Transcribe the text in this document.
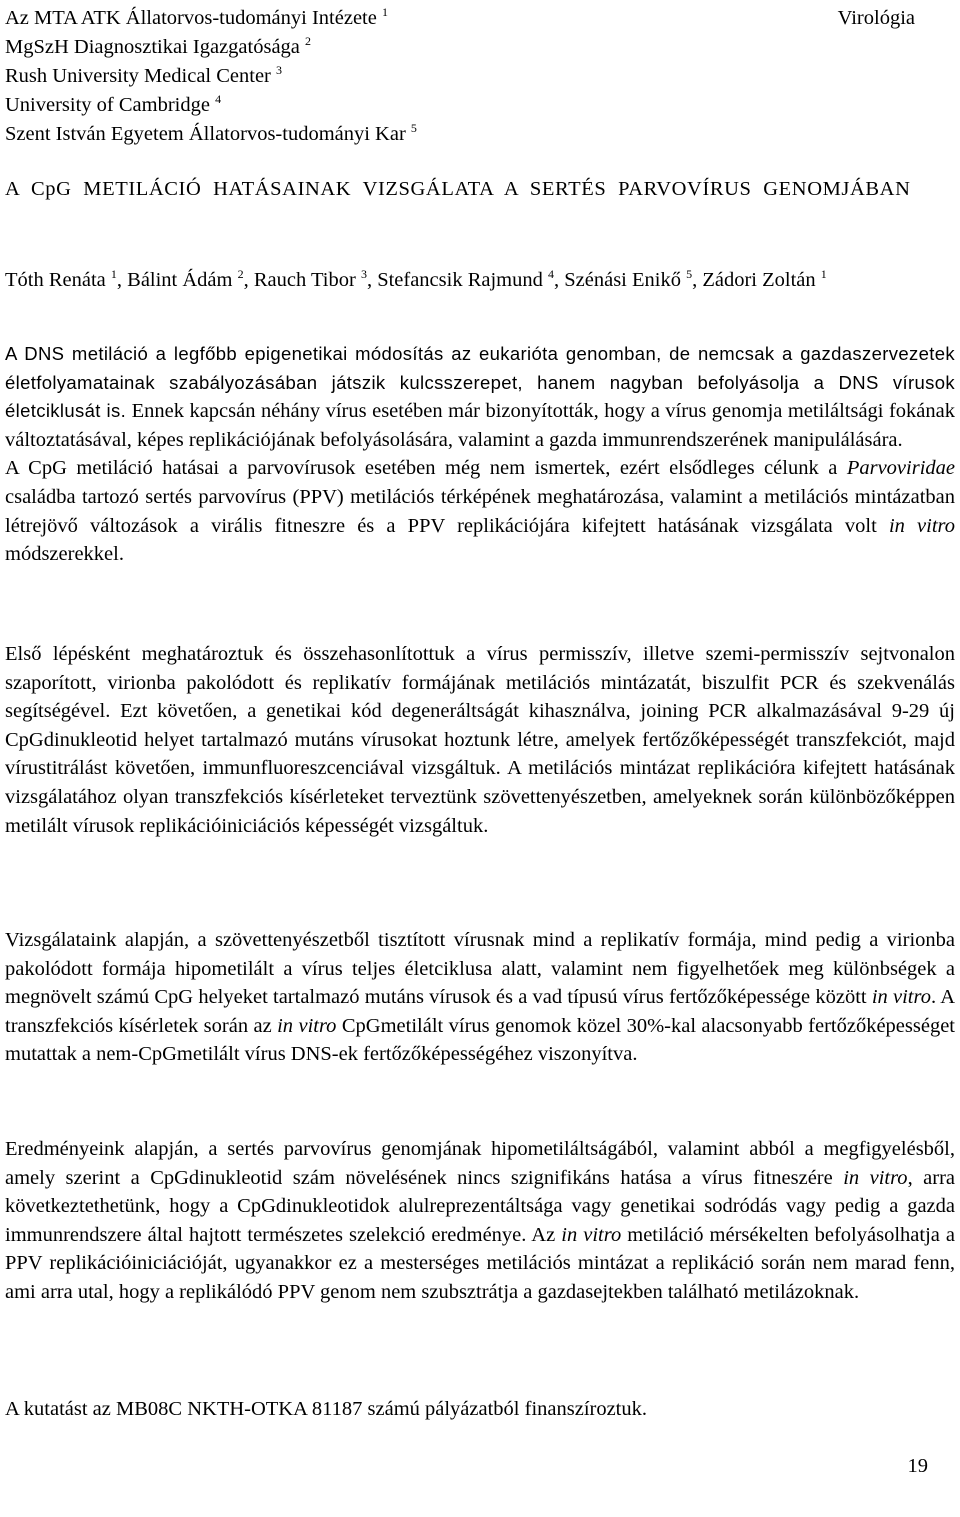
Az MTA ATK Állatorvos-tudományi Intézete $^1$
MgSzH Diagnosztikai Igazgatósága $^2$
Rush University Medical Center $^3$
University of Cambridge $^4$
Szent István Egyetem Állatorvos-tudományi Kar $^5$
Virológia
A CpG METILÁCIÓ HATÁSAINAK VIZSGÁLATA A SERTÉS PARVOVÍRUS GENOMJÁBAN
Tóth Renáta $^1$, Bálint Ádám $^2$, Rauch Tibor $^3$, Stefancsik Rajmund $^4$, Szénási Enikő $^5$, Zádori Zoltán $^1$

A DNS metiláció a legfőbb epigenetikai módosítás az eukarióta genomban, de nemcsak a gazdaszervezetek életfolyamatainak szabályozásában játszik kulcsszerepet, hanem nagyban befolyásolja a DNS vírusok életciklusát is. Ennek kapcsán néhány vírus esetében már bizonyították, hogy a vírus genomja metiláltsági fokának változtatásával, képes replikációjának befolyásolására, valamint a gazda immunrendszerének manipulálására.

A CpG metiláció hatásai a parvovírusok esetében még nem ismertek, ezért elsődleges célunk a Parvoviridae családba tartozó sertés parvovírus (PPV) metilációs térképének meghatározása, valamint a metilációs mintázatban létrejövő változások a virális fitneszre és a PPV replikációjára kifejtett hatásának vizsgálata volt in vitro módszerekkel.

Első lépésként meghatároztuk és összehasonlítottuk a vírus permisszív, illetve szemi-permisszív sejtvonalon szaporított, virionba pakolódott és replikatív formájának metilációs mintázatát, biszulfit PCR és szekvenálás segítségével. Ezt követően, a genetikai kód degeneráltságát kihasználva, joining PCR alkalmazásával 9-29 új CpGdinukleotid helyet tartalmazó mutáns vírusokat hoztunk létre, amelyek fertőzőképességét transzfekciót, majd vírustitrálást követően, immunfluoreszcenciával vizsgáltuk. A metilációs mintázat replikációra kifejtett hatásának vizsgálatához olyan transzfekciós kísérleteket terveztünk szövettenyészetben, amelyeknek során különbözőképpen metilált vírusok replikációiniciációs képességét vizsgáltuk.

Vizsgálataink alapján, a szövettenyészetből tisztított vírusnak mind a replikatív formája, mind pedig a virionba pakolódott formája hipometilált a vírus teljes életciklusa alatt, valamint nem figyelhetőek meg különbségek a megnövelt számú CpG helyeket tartalmazó mutáns vírusok és a vad típusú vírus fertőzőképessége között in vitro. A transzfekciós kísérletek során az in vitro CpGmetilált vírus genomok közel 30%-kal alacsonyabb fertőzőképességet mutattak a nem-CpGmetilált vírus DNS-ek fertőzőképességéhez viszonyítva.

Eredményeink alapján, a sertés parvovírus genomjának hipometiláltságából, valamint abból a megfigyelésből, amely szerint a CpGdinukleotid szám növelésének nincs szignifikáns hatása a vírus fitneszére in vitro, arra következtethetünk, hogy a CpGdinukleotidok alulreprezentáltsága vagy genetikai sodródás vagy pedig a gazda immunrendszere által hajtott természetes szelekció eredménye. Az in vitro metiláció mérsékelten befolyásolhatja a PPV replikációiniciációját, ugyanakkor ez a mesterséges metilációs mintázat a replikáció során nem marad fenn, ami arra utal, hogy a replikálódó PPV genom nem szubsztrátja a gazdasejtekben található metilázoknak.

A kutatást az MB08C NKTH-OTKA 81187 számú pályázatból finanszíroztuk.

19
